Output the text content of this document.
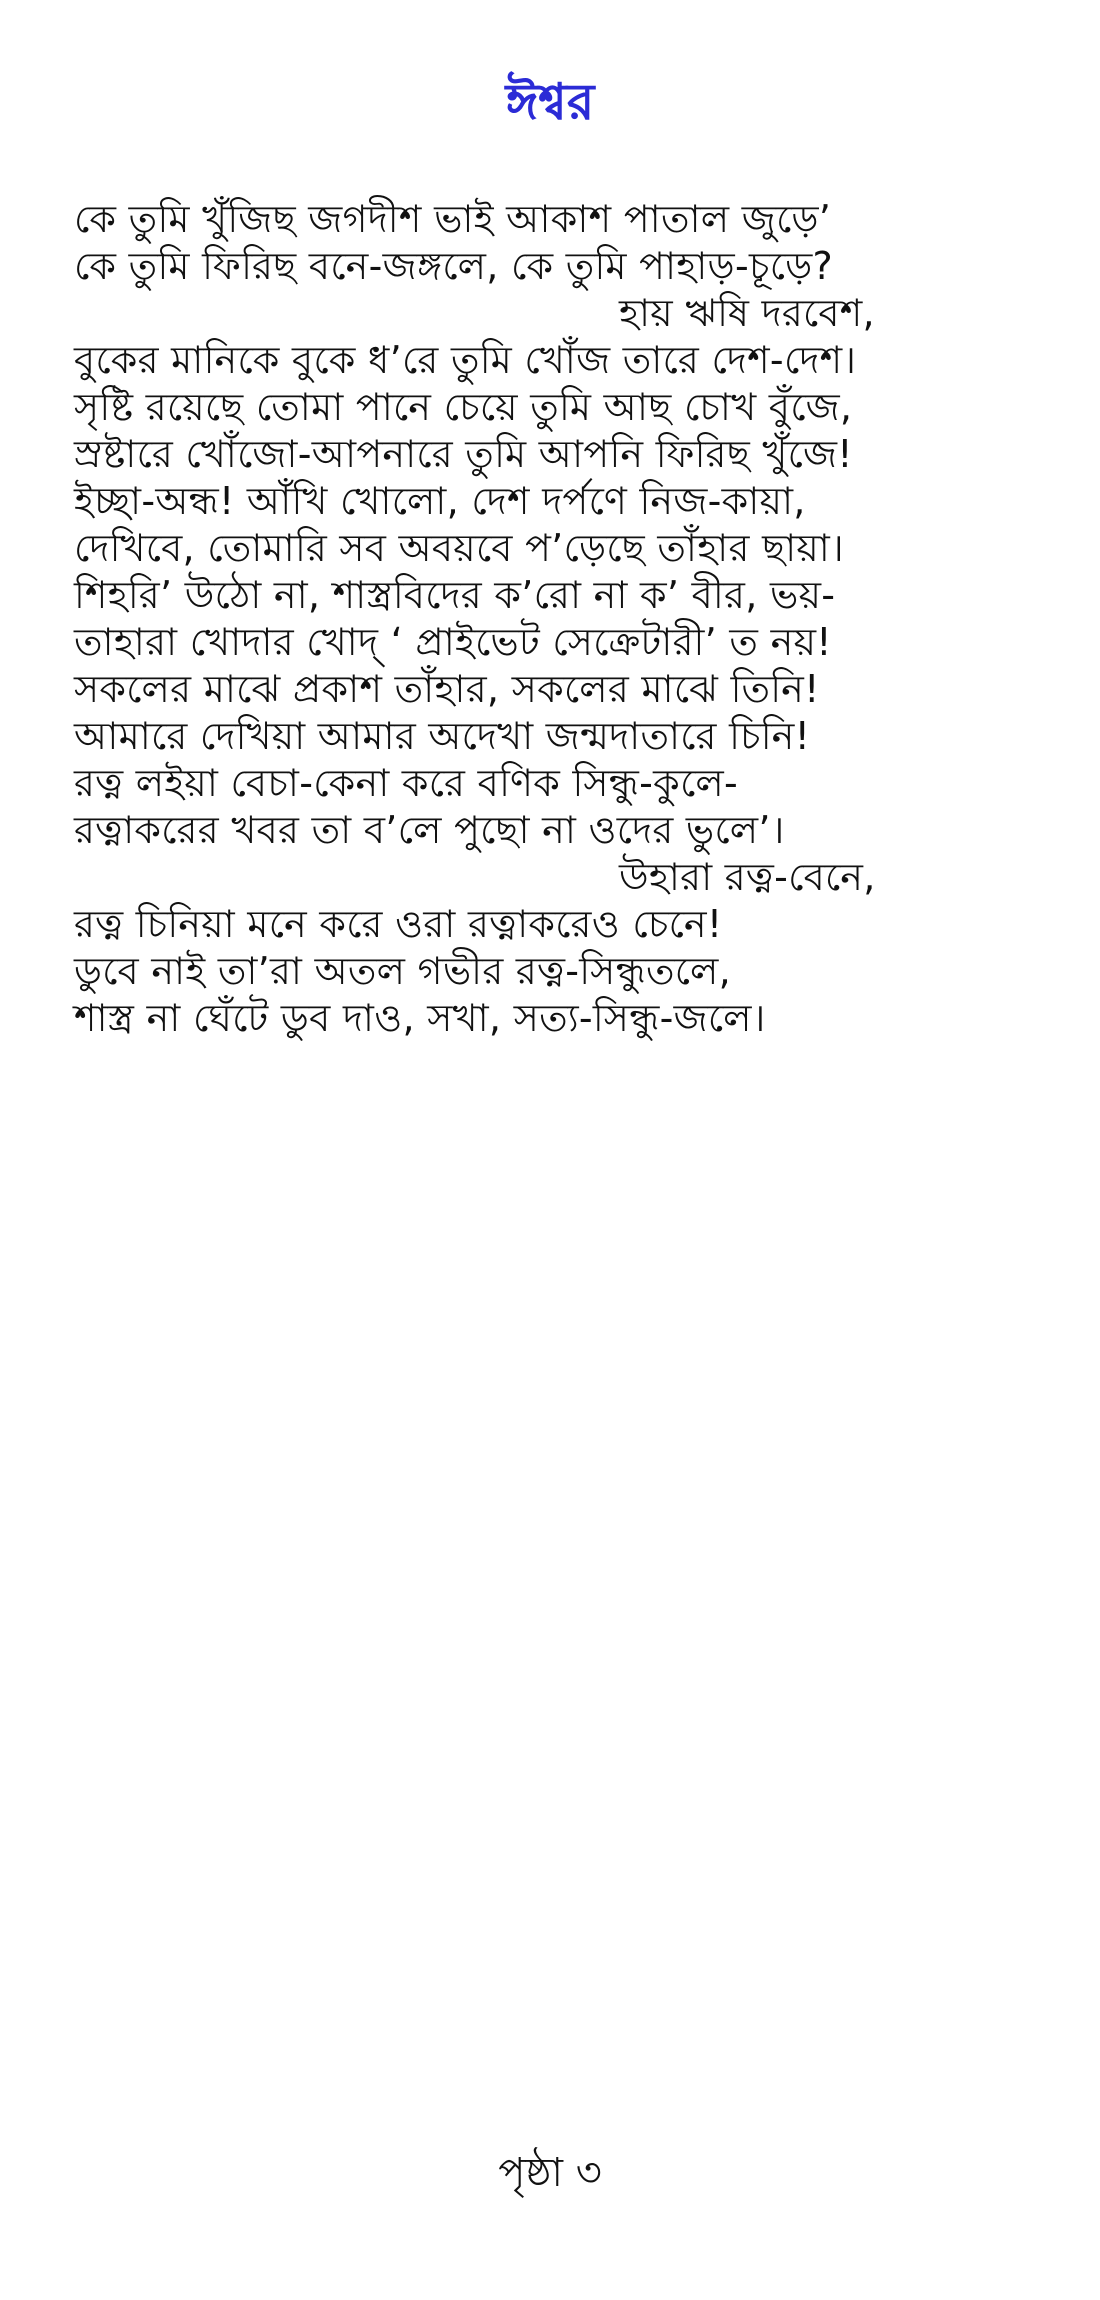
ঈশ্বর
কে তুমি খুঁজিছ জগদীশ ভাই আকাশ পাতাল জুড়ে’
কে তুমি ফিরিছ বনে-জঙ্গলে, কে তুমি পাহাড়-চূড়ে?
হায় ঋষি দরবেশ,
বুকের মানিকে বুকে ধ’রে তুমি খোঁজ তারে দেশ-দেশ।
সৃষ্টি রয়েছে তোমা পানে চেয়ে তুমি আছ চোখ বুঁজে,
স্রষ্টারে খোঁজো-আপনারে তুমি আপনি ফিরিছ খুঁজে!
ইচ্ছা-অন্ধ! আঁখি খোলো, দেশ দর্পণে নিজ-কায়া,
দেখিবে, তোমারি সব অবয়বে প’ড়েছে তাঁহার ছায়া।
শিহরি’ উঠো না, শাস্ত্রবিদের ক’রো না ক’ বীর, ভয়-
তাহারা খোদার খোদ্ ‘ প্রাইভেট সেক্রেটারী’ ত নয়!
সকলের মাঝে প্রকাশ তাঁহার, সকলের মাঝে তিনি!
আমারে দেখিয়া আমার অদেখা জন্মদাতারে চিনি!
রত্ন লইয়া বেচা-কেনা করে বণিক সিন্ধু-কুলে-
রত্নাকরের খবর তা ব’লে পুছো না ওদের ভুলে’।
উহারা রত্ন-বেনে,
রত্ন চিনিয়া মনে করে ওরা রত্নাকরেও চেনে!
ডুবে নাই তা’রা অতল গভীর রত্ন-সিন্ধুতলে,
শাস্ত্র না ঘেঁটে ডুব দাও, সখা, সত্য-সিন্ধু-জলে।
পৃষ্ঠা ৩
